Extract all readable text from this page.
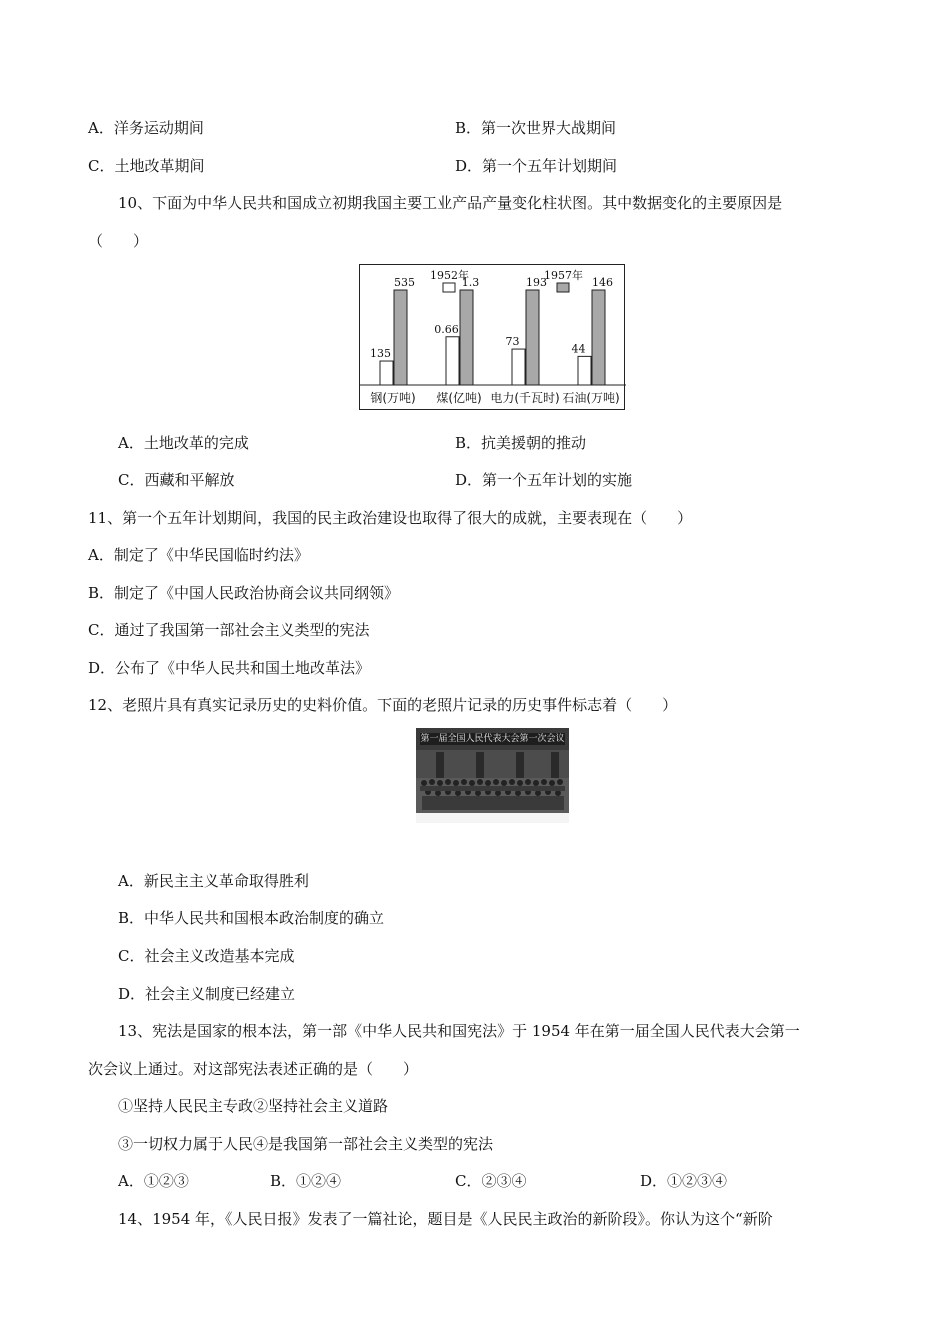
A．洋务运动期间	B．第一次世界大战期间
C．土地改革期间	D．第一个五年计划期间
10、下面为中华人民共和国成立初期我国主要工业产品产量变化柱状图。其中数据变化的主要原因是
（　　）
135
535
钢(万吨)
0.66
1.3
煤(亿吨)
73
193
电力(千瓦时)
44
146
石油(万吨)
1952年	1957年
A．土地改革的完成	B．抗美援朝的推动
C．西藏和平解放	D．第一个五年计划的实施
11、第一个五年计划期间，我国的民主政治建设也取得了很大的成就，主要表现在（　　）
A．制定了《中华民国临时约法》
B．制定了《中国人民政治协商会议共同纲领》
C．通过了我国第一部社会主义类型的宪法
D．公布了《中华人民共和国土地改革法》
12、老照片具有真实记录历史的史料价值。下面的老照片记录的历史事件标志着（　　）
第一届全国人民代表大会第一次会议
A．新民主主义革命取得胜利
B．中华人民共和国根本政治制度的确立
C．社会主义改造基本完成
D．社会主义制度已经建立
13、宪法是国家的根本法，第一部《中华人民共和国宪法》于 1954 年在第一届全国人民代表大会第一
次会议上通过。对这部宪法表述正确的是（　　）
①坚持人民民主专政②坚持社会主义道路
③一切权力属于人民④是我国第一部社会主义类型的宪法
A．①②③	B．①②④	C．②③④	D．①②③④
14、1954 年，《人民日报》发表了一篇社论，题目是《人民民主政治的新阶段》。你认为这个“新阶
